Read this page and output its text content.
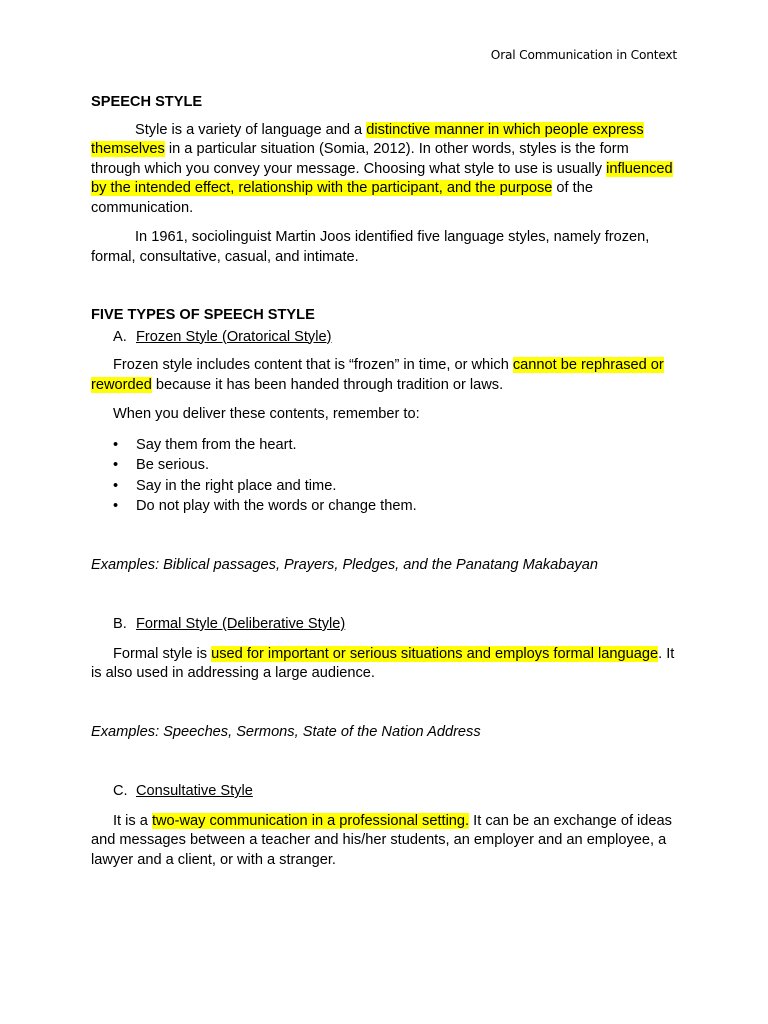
Oral Communication in Context

SPEECH STYLE

Style is a variety of language and a distinctive manner in which people express themselves in a particular situation (Somia, 2012). In other words, styles is the form through which you convey your message. Choosing what style to use is usually influenced by the intended effect, relationship with the participant, and the purpose of the communication.

In 1961, sociolinguist Martin Joos identified five language styles, namely frozen, formal, consultative, casual, and intimate.

FIVE TYPES OF SPEECH STYLE

A. Frozen Style (Oratorical Style)

Frozen style includes content that is “frozen” in time, or which cannot be rephrased or reworded because it has been handed through tradition or laws.

When you deliver these contents, remember to:

• Say them from the heart.
• Be serious.
• Say in the right place and time.
• Do not play with the words or change them.

Examples: Biblical passages, Prayers, Pledges, and the Panatang Makabayan

B. Formal Style (Deliberative Style)

Formal style is used for important or serious situations and employs formal language. It is also used in addressing a large audience.

Examples: Speeches, Sermons, State of the Nation Address

C. Consultative Style

It is a two-way communication in a professional setting. It can be an exchange of ideas and messages between a teacher and his/her students, an employer and an employee, a lawyer and a client, or with a stranger.
